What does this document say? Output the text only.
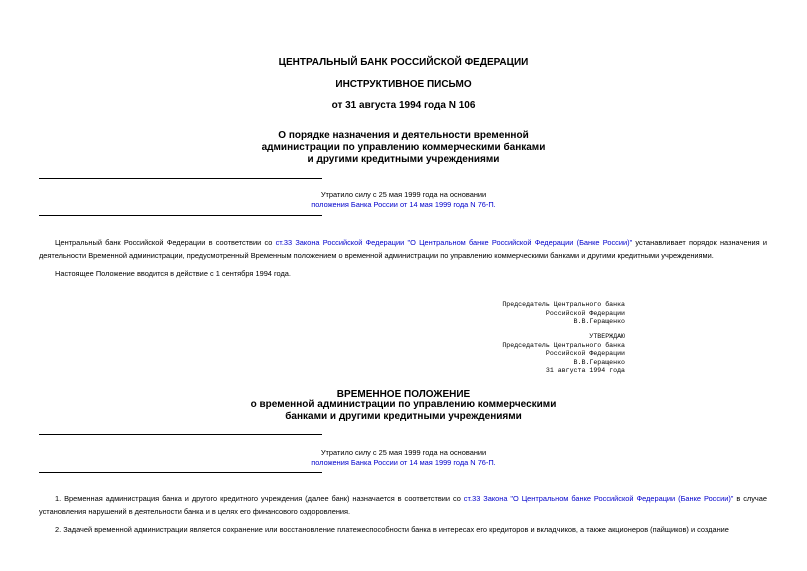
ЦЕНТРАЛЬНЫЙ БАНК РОССИЙСКОЙ ФЕДЕРАЦИИ
ИНСТРУКТИВНОЕ ПИСЬМО
от 31 августа 1994 года N 106
О порядке назначения и деятельности временной
администрации по управлению коммерческими банками
и другими кредитными учреждениями
Утратило силу с 25 мая 1999 года на основании
положения Банка России от 14 мая 1999 года N 76-П.
Центральный банк Российской Федерации в соответствии со ст.33 Закона Российской Федерации "О Центральном банке Российской Федерации (Банке России)" устанавливает порядок назначения и деятельности Временной администрации, предусмотренный Временным положением о временной администрации по управлению коммерческими банками и другими кредитными учреждениями.
Настоящее Положение вводится в действие с 1 сентября 1994 года.
Председатель Центрального банка
Российской Федерации
В.В.Геращенко
УТВЕРЖДАЮ
Председатель Центрального банка
Российской Федерации
В.В.Геращенко
31 августа 1994 года
ВРЕМЕННОЕ ПОЛОЖЕНИЕ
о временной администрации по управлению коммерческими
банками и другими кредитными учреждениями
Утратило силу с 25 мая 1999 года на основании
положения Банка России от 14 мая 1999 года N 76-П.
1. Временная администрация банка и другого кредитного учреждения (далее банк) назначается в соответствии со ст.33 Закона "О Центральном банке Российской Федерации (Банке России)" в случае установления нарушений в деятельности банка и в целях его финансового оздоровления.
2. Задачей временной администрации является сохранение или восстановление платежеспособности банка в интересах его кредиторов и вкладчиков, а также акционеров (пайщиков) и создание
